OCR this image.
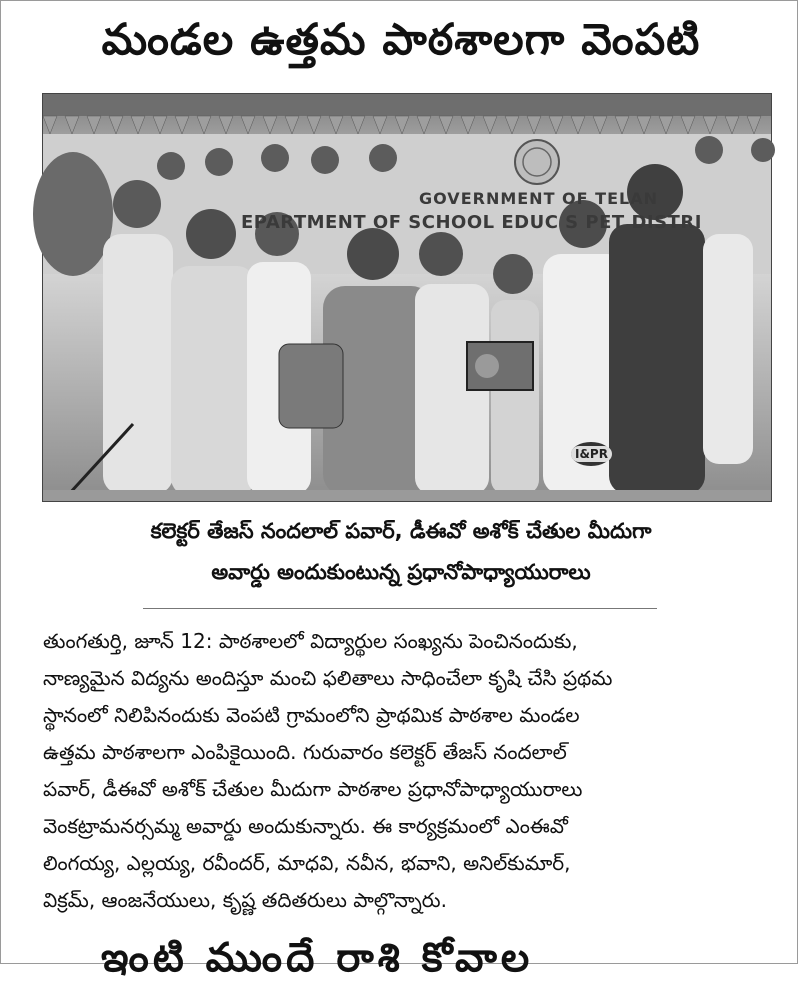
మండల ఉత్తమ పాఠశాలగా వెంపటి
GOVERNMENT OF TELAN
EPARTMENT OF SCHOOL EDUC S PET DISTRI
I&PR
కలెక్టర్ తేజస్ నందలాల్ పవార్, డీఈవో అశోక్ చేతుల మీదుగా
అవార్డు అందుకుంటున్న ప్రధానోపాధ్యాయురాలు
తుంగతుర్తి, జూన్ 12: పాఠశాలలో విద్యార్థుల సంఖ్యను పెంచినందుకు,
నాణ్యమైన విద్యను అందిస్తూ మంచి ఫలితాలు సాధించేలా కృషి చేసి ప్రథమ
స్థానంలో నిలిపినందుకు వెంపటి గ్రామంలోని ప్రాథమిక పాఠశాల మండల
ఉత్తమ పాఠశాలగా ఎంపికైయింది. గురువారం కలెక్టర్ తేజస్ నందలాల్
పవార్, డీఈవో అశోక్ చేతుల మీదుగా పాఠశాల ప్రధానోపాధ్యాయురాలు
వెంకట్రామనర్సమ్మ అవార్డు అందుకున్నారు. ఈ కార్యక్రమంలో ఎంఈవో
లింగయ్య, ఎల్లయ్య, రవీందర్, మాధవి, నవీన, భవాని, అనిల్‌కుమార్,
విక్రమ్, ఆంజనేయులు, కృష్ణ తదితరులు పాల్గొన్నారు.
ఇంటి ముందే రాశి కోవాల
